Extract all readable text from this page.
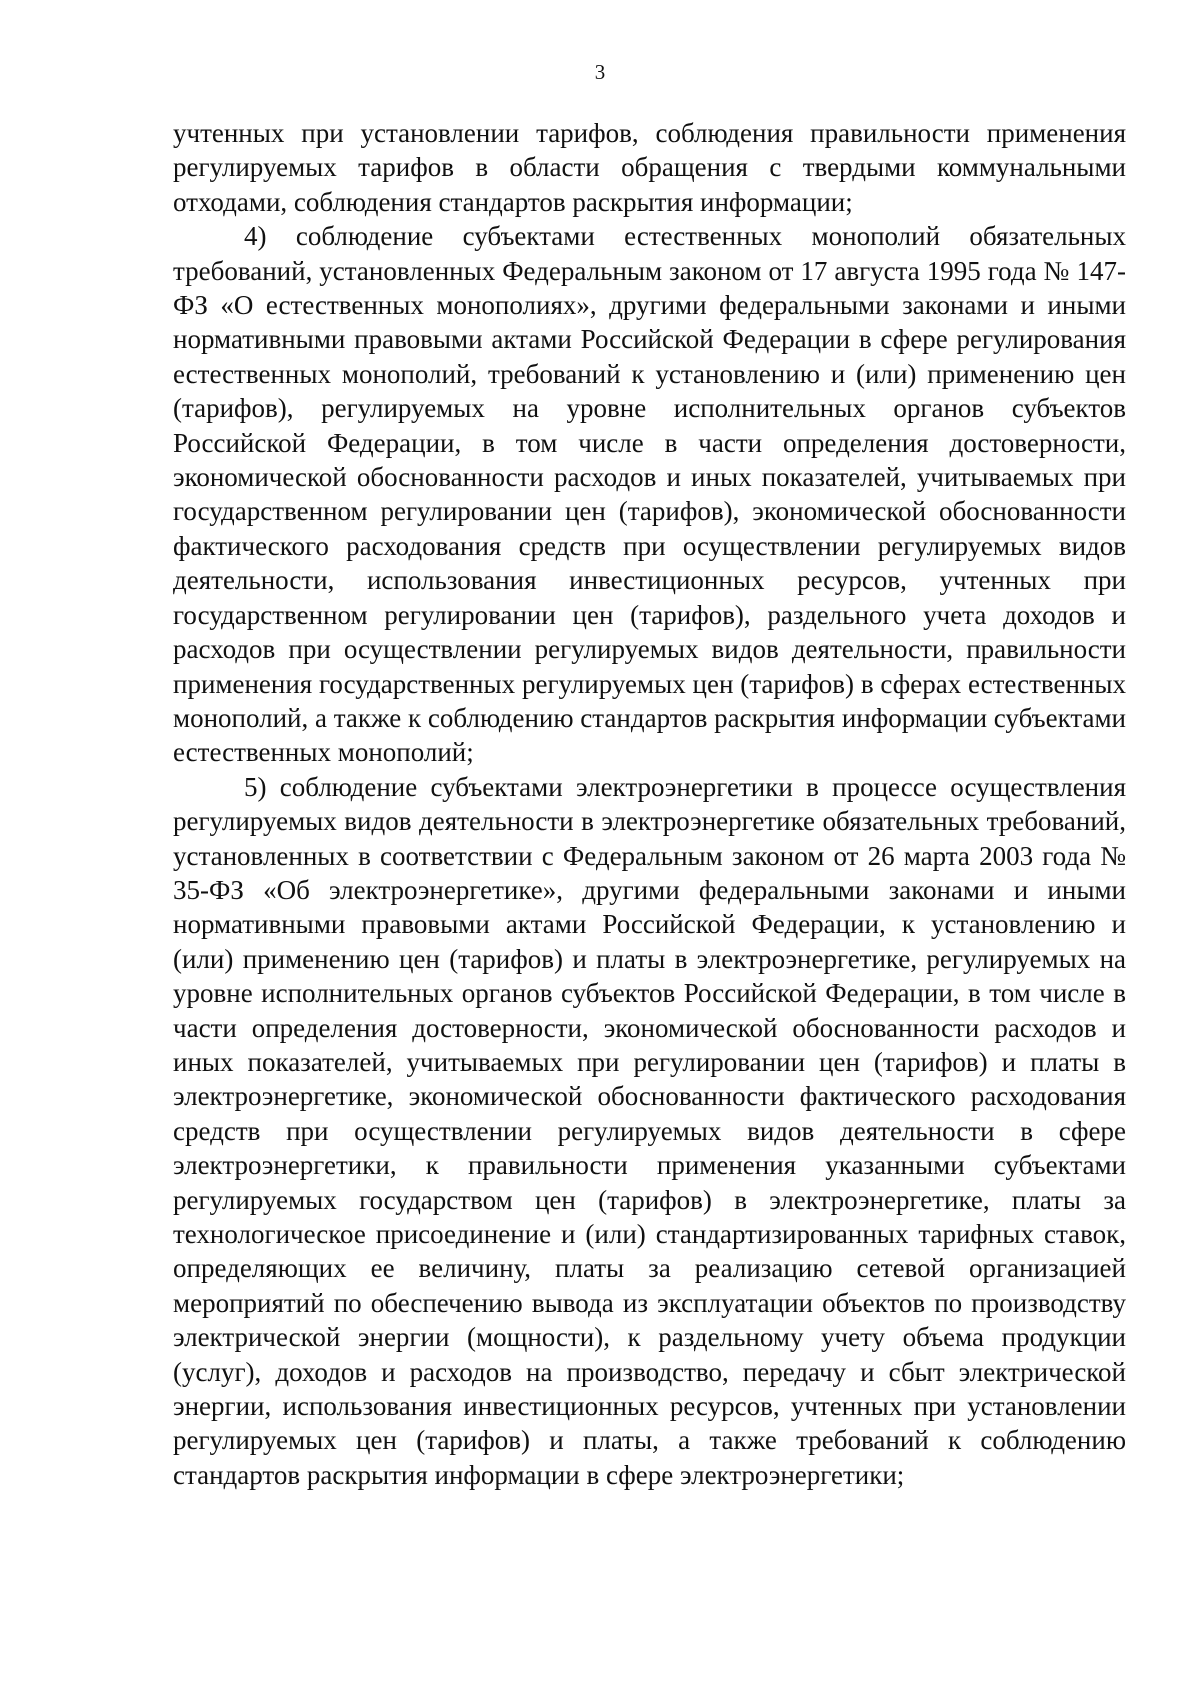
3

учтенных при установлении тарифов, соблюдения правильности применения регулируемых тарифов в области обращения с твердыми коммунальными отходами, соблюдения стандартов раскрытия информации;

4) соблюдение субъектами естественных монополий обязательных требований, установленных Федеральным законом от 17 августа 1995 года № 147-ФЗ «О естественных монополиях», другими федеральными законами и иными нормативными правовыми актами Российской Федерации в сфере регулирования естественных монополий, требований к установлению и (или) применению цен (тарифов), регулируемых на уровне исполнительных органов субъектов Российской Федерации, в том числе в части определения достоверности, экономической обоснованности расходов и иных показателей, учитываемых при государственном регулировании цен (тарифов), экономической обоснованности фактического расходования средств при осуществлении регулируемых видов деятельности, использования инвестиционных ресурсов, учтенных при государственном регулировании цен (тарифов), раздельного учета доходов и расходов при осуществлении регулируемых видов деятельности, правильности применения государственных регулируемых цен (тарифов) в сферах естественных монополий, а также к соблюдению стандартов раскрытия информации субъектами естественных монополий;

5) соблюдение субъектами электроэнергетики в процессе осуществления регулируемых видов деятельности в электроэнергетике обязательных требований, установленных в соответствии с Федеральным законом от 26 марта 2003 года № 35-ФЗ «Об электроэнергетике», другими федеральными законами и иными нормативными правовыми актами Российской Федерации, к установлению и (или) применению цен (тарифов) и платы в электроэнергетике, регулируемых на уровне исполнительных органов субъектов Российской Федерации, в том числе в части определения достоверности, экономической обоснованности расходов и иных показателей, учитываемых при регулировании цен (тарифов) и платы в электроэнергетике, экономической обоснованности фактического расходования средств при осуществлении регулируемых видов деятельности в сфере электроэнергетики, к правильности применения указанными субъектами регулируемых государством цен (тарифов) в электроэнергетике, платы за технологическое присоединение и (или) стандартизированных тарифных ставок, определяющих ее величину, платы за реализацию сетевой организацией мероприятий по обеспечению вывода из эксплуатации объектов по производству электрической энергии (мощности), к раздельному учету объема продукции (услуг), доходов и расходов на производство, передачу и сбыт электрической энергии, использования инвестиционных ресурсов, учтенных при установлении регулируемых цен (тарифов) и платы, а также требований к соблюдению стандартов раскрытия информации в сфере электроэнергетики;
